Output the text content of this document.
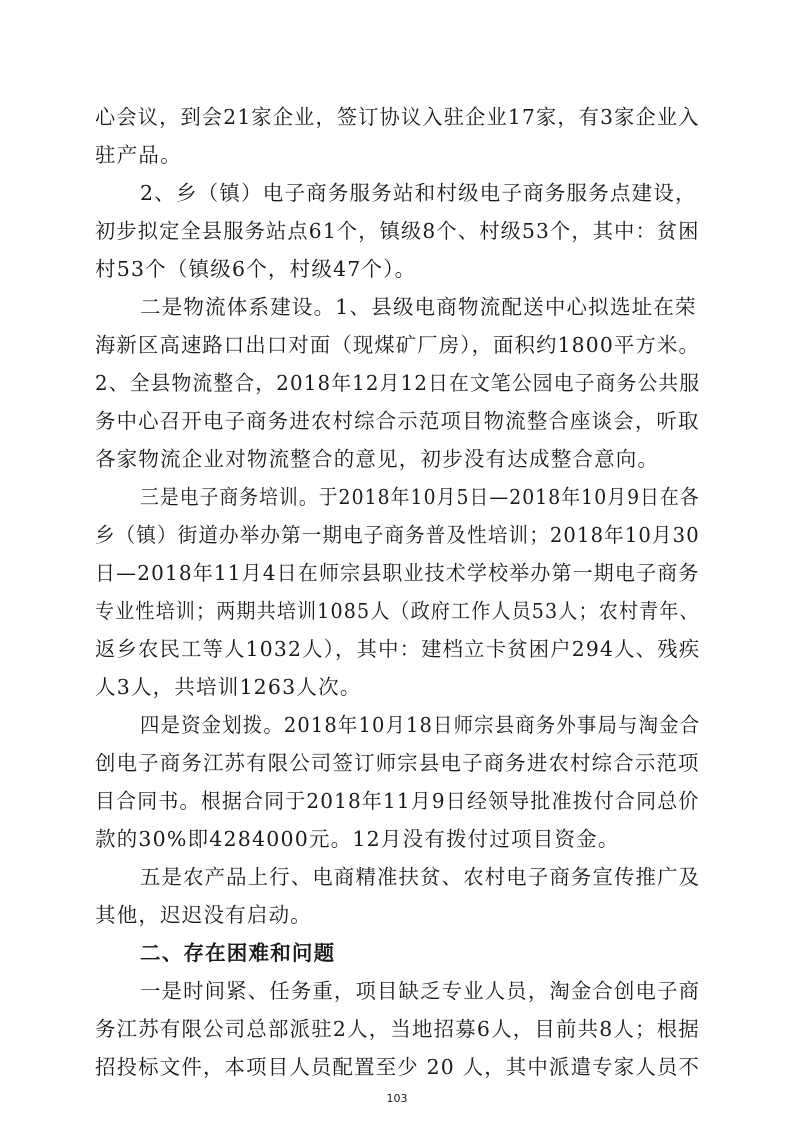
心会议，到会21家企业，签订协议入驻企业17家，有3家企业入
驻产品。
2、乡（镇）电子商务服务站和村级电子商务服务点建设，
初步拟定全县服务站点61个，镇级8个、村级53个，其中：贫困
村53个（镇级6个，村级47个）。
二是物流体系建设。1、县级电商物流配送中心拟选址在荣
海新区高速路口出口对面（现煤矿厂房），面积约1800平方米。
2、全县物流整合，2018年12月12日在文笔公园电子商务公共服
务中心召开电子商务进农村综合示范项目物流整合座谈会，听取
各家物流企业对物流整合的意见，初步没有达成整合意向。
三是电子商务培训。于2018年10月5日—2018年10月9日在各
乡（镇）街道办举办第一期电子商务普及性培训；2018年10月30
日—2018年11月4日在师宗县职业技术学校举办第一期电子商务
专业性培训；两期共培训1085人（政府工作人员53人；农村青年、
返乡农民工等人1032人），其中：建档立卡贫困户294人、残疾
人3人，共培训1263人次。
四是资金划拨。2018年10月18日师宗县商务外事局与淘金合
创电子商务江苏有限公司签订师宗县电子商务进农村综合示范项
目合同书。根据合同于2018年11月9日经领导批准拨付合同总价
款的30%即4284000元。12月没有拨付过项目资金。
五是农产品上行、电商精准扶贫、农村电子商务宣传推广及
其他，迟迟没有启动。
二、存在困难和问题
一是时间紧、任务重，项目缺乏专业人员，淘金合创电子商
务江苏有限公司总部派驻2人，当地招募6人，目前共8人；根据
招投标文件，本项目人员配置至少 20 人，其中派遣专家人员不
103
